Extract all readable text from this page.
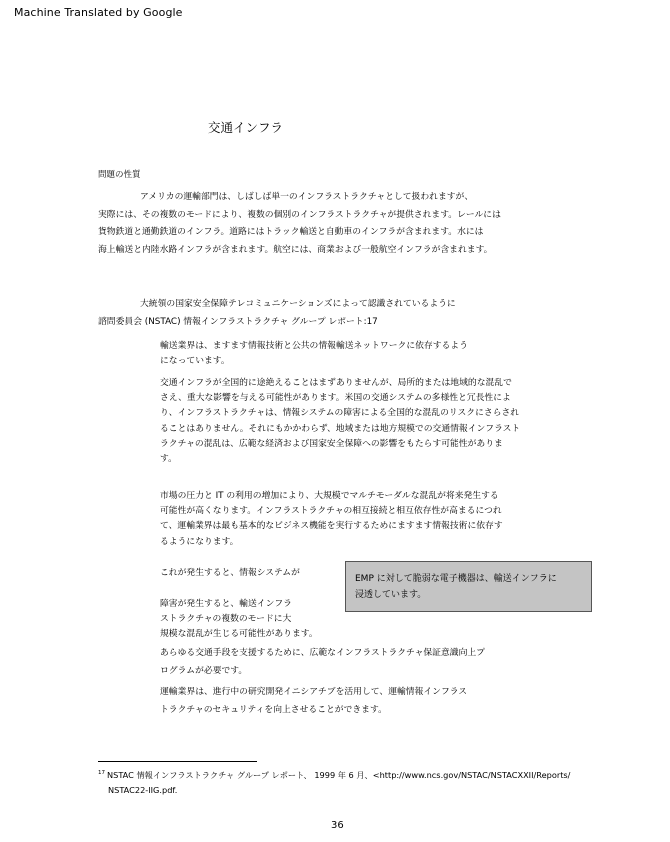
Machine Translated by Google
交通インフラ
問題の性質
アメリカの運輸部門は、しばしば単一のインフラストラクチャとして扱われますが、
実際には、その複数のモードにより、複数の個別のインフラストラクチャが提供されます。レールには
貨物鉄道と通勤鉄道のインフラ。道路にはトラック輸送と自動車のインフラが含まれます。水には
海上輸送と内陸水路インフラが含まれます。航空には、商業および一般航空インフラが含まれます。
大統領の国家安全保障テレコミュニケーションズによって認識されているように
諮問委員会 (NSTAC) 情報インフラストラクチャ グループ レポート:17
輸送業界は、ますます情報技術と公共の情報輸送ネットワークに依存するよう
になっています。
交通インフラが全国的に途絶えることはまずありませんが、局所的または地域的な混乱で
さえ、重大な影響を与える可能性があります。米国の交通システムの多様性と冗長性によ
り、インフラストラクチャは、情報システムの障害による全国的な混乱のリスクにさらされ
ることはありません。それにもかかわらず、地域または地方規模での交通情報インフラスト
ラクチャの混乱は、広範な経済および国家安全保障への影響をもたらす可能性がありま
す。
市場の圧力と IT の利用の増加により、大規模でマルチモーダルな混乱が将来発生する
可能性が高くなります。インフラストラクチャの相互接続と相互依存性が高まるにつれ
て、運輸業界は最も基本的なビジネス機能を実行するためにますます情報技術に依存す
るようになります。
これが発生すると、情報システムが
障害が発生すると、輸送インフラ
ストラクチャの複数のモードに大
規模な混乱が生じる可能性があります。
EMP に対して脆弱な電子機器は、輸送インフラに
浸透しています。
あらゆる交通手段を支援するために、広範なインフラストラクチャ保証意識向上プ
ログラムが必要です。
運輸業界は、進行中の研究開発イニシアチブを活用して、運輸情報インフラス
トラクチャのセキュリティを向上させることができます。
$^{17}$ NSTAC 情報インフラストラクチャ グループ レポート、 1999 年 6 月、<http://www.ncs.gov/NSTAC/NSTACXXII/Reports/
NSTAC22-IIG.pdf.
36
